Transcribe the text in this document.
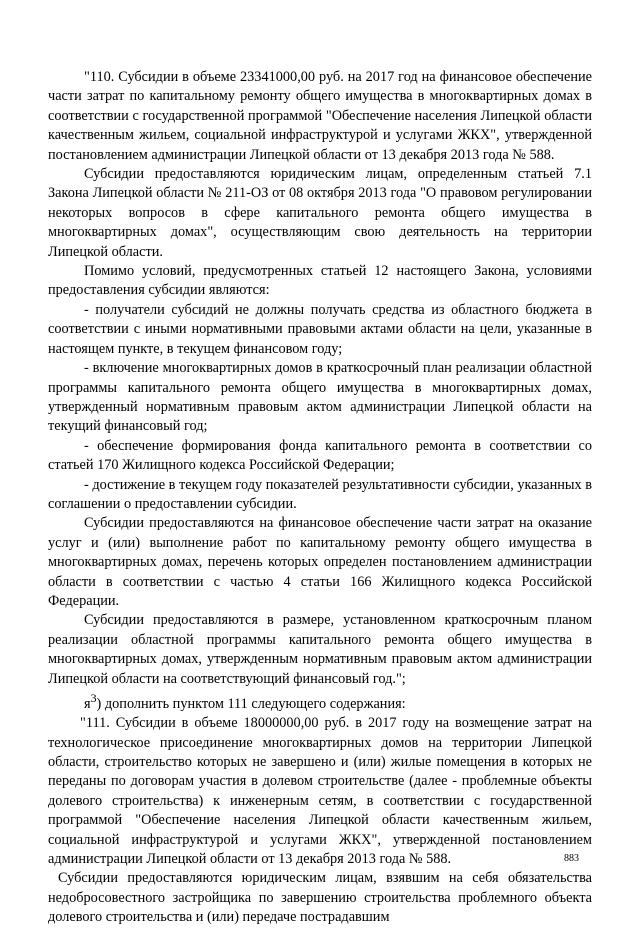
"110. Субсидии в объеме 23341000,00 руб. на 2017 год на финансовое обеспечение части затрат по капитальному ремонту общего имущества в многоквартирных домах в соответствии с государственной программой "Обеспечение населения Липецкой области качественным жильем, социальной инфраструктурой и услугами ЖКХ", утвержденной постановлением администрации Липецкой области от 13 декабря 2013 года № 588.

Субсидии предоставляются юридическим лицам, определенным статьей 7.1 Закона Липецкой области № 211-ОЗ от 08 октября 2013 года "О правовом регулировании некоторых вопросов в сфере капитального ремонта общего имущества в многоквартирных домах", осуществляющим свою деятельность на территории Липецкой области.

Помимо условий, предусмотренных статьей 12 настоящего Закона, условиями предоставления субсидии являются:

- получатели субсидий не должны получать средства из областного бюджета в соответствии с иными нормативными правовыми актами области на цели, указанные в настоящем пункте, в текущем финансовом году;

- включение многоквартирных домов в краткосрочный план реализации областной программы капитального ремонта общего имущества в многоквартирных домах, утвержденный нормативным правовым актом администрации Липецкой области на текущий финансовый год;

- обеспечение формирования фонда капитального ремонта в соответствии со статьей 170 Жилищного кодекса Российской Федерации;

- достижение в текущем году показателей результативности субсидии, указанных в соглашении о предоставлении субсидии.

Субсидии предоставляются на финансовое обеспечение части затрат на оказание услуг и (или) выполнение работ по капитальному ремонту общего имущества в многоквартирных домах, перечень которых определен постановлением администрации области в соответствии с частью 4 статьи 166 Жилищного кодекса Российской Федерации.

Субсидии предоставляются в размере, установленном краткосрочным планом реализации областной программы капитального ремонта общего имущества в многоквартирных домах, утвержденным нормативным правовым актом администрации Липецкой области на соответствующий финансовый год.";

$я^3$) дополнить пунктом 111 следующего содержания:

"111. Субсидии в объеме 18000000,00 руб. в 2017 году на возмещение затрат на технологическое присоединение многоквартирных домов на территории Липецкой области, строительство которых не завершено и (или) жилые помещения в которых не переданы по договорам участия в долевом строительстве (далее - проблемные объекты долевого строительства) к инженерным сетям, в соответствии с государственной программой "Обеспечение населения Липецкой области качественным жильем, социальной инфраструктурой и услугами ЖКХ", утвержденной постановлением администрации Липецкой области от 13 декабря 2013 года № 588.

Субсидии предоставляются юридическим лицам, взявшим на себя обязательства недобросовестного застройщика по завершению строительства проблемного объекта долевого строительства и (или) передаче пострадавшим

883
